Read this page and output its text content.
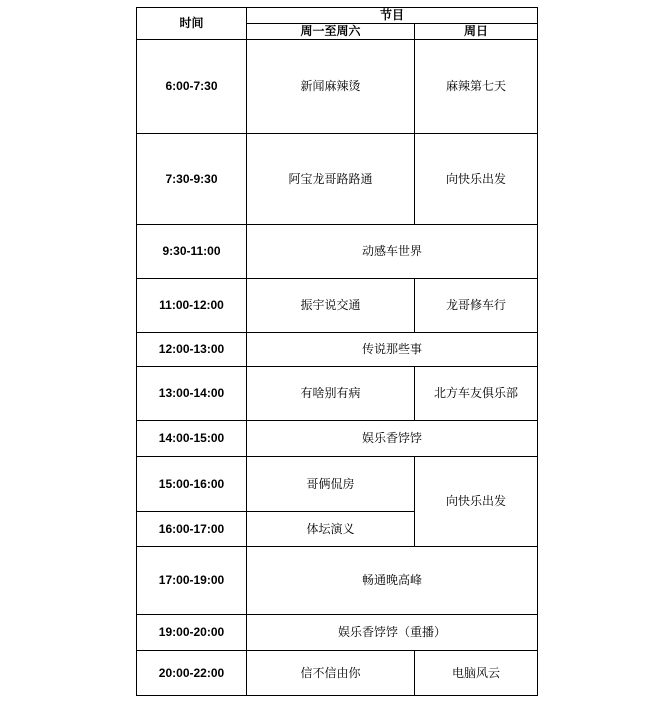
时间	节目	
	周一至周六	周日
6:00-7:30	新闻麻辣烫	麻辣第七天
7:30-9:30	阿宝龙哥路路通	向快乐出发
9:30-11:00	动感车世界	
11:00-12:00	振宇说交通	龙哥修车行
12:00-13:00	传说那些事	
13:00-14:00	有啥别有病	北方车友俱乐部
14:00-15:00	娱乐香饽饽	
15:00-16:00	哥俩侃房	向快乐出发
16:00-17:00	体坛演义	
17:00-19:00	畅通晚高峰	
19:00-20:00	娱乐香饽饽（重播）	
20:00-22:00	信不信由你	电脑风云
